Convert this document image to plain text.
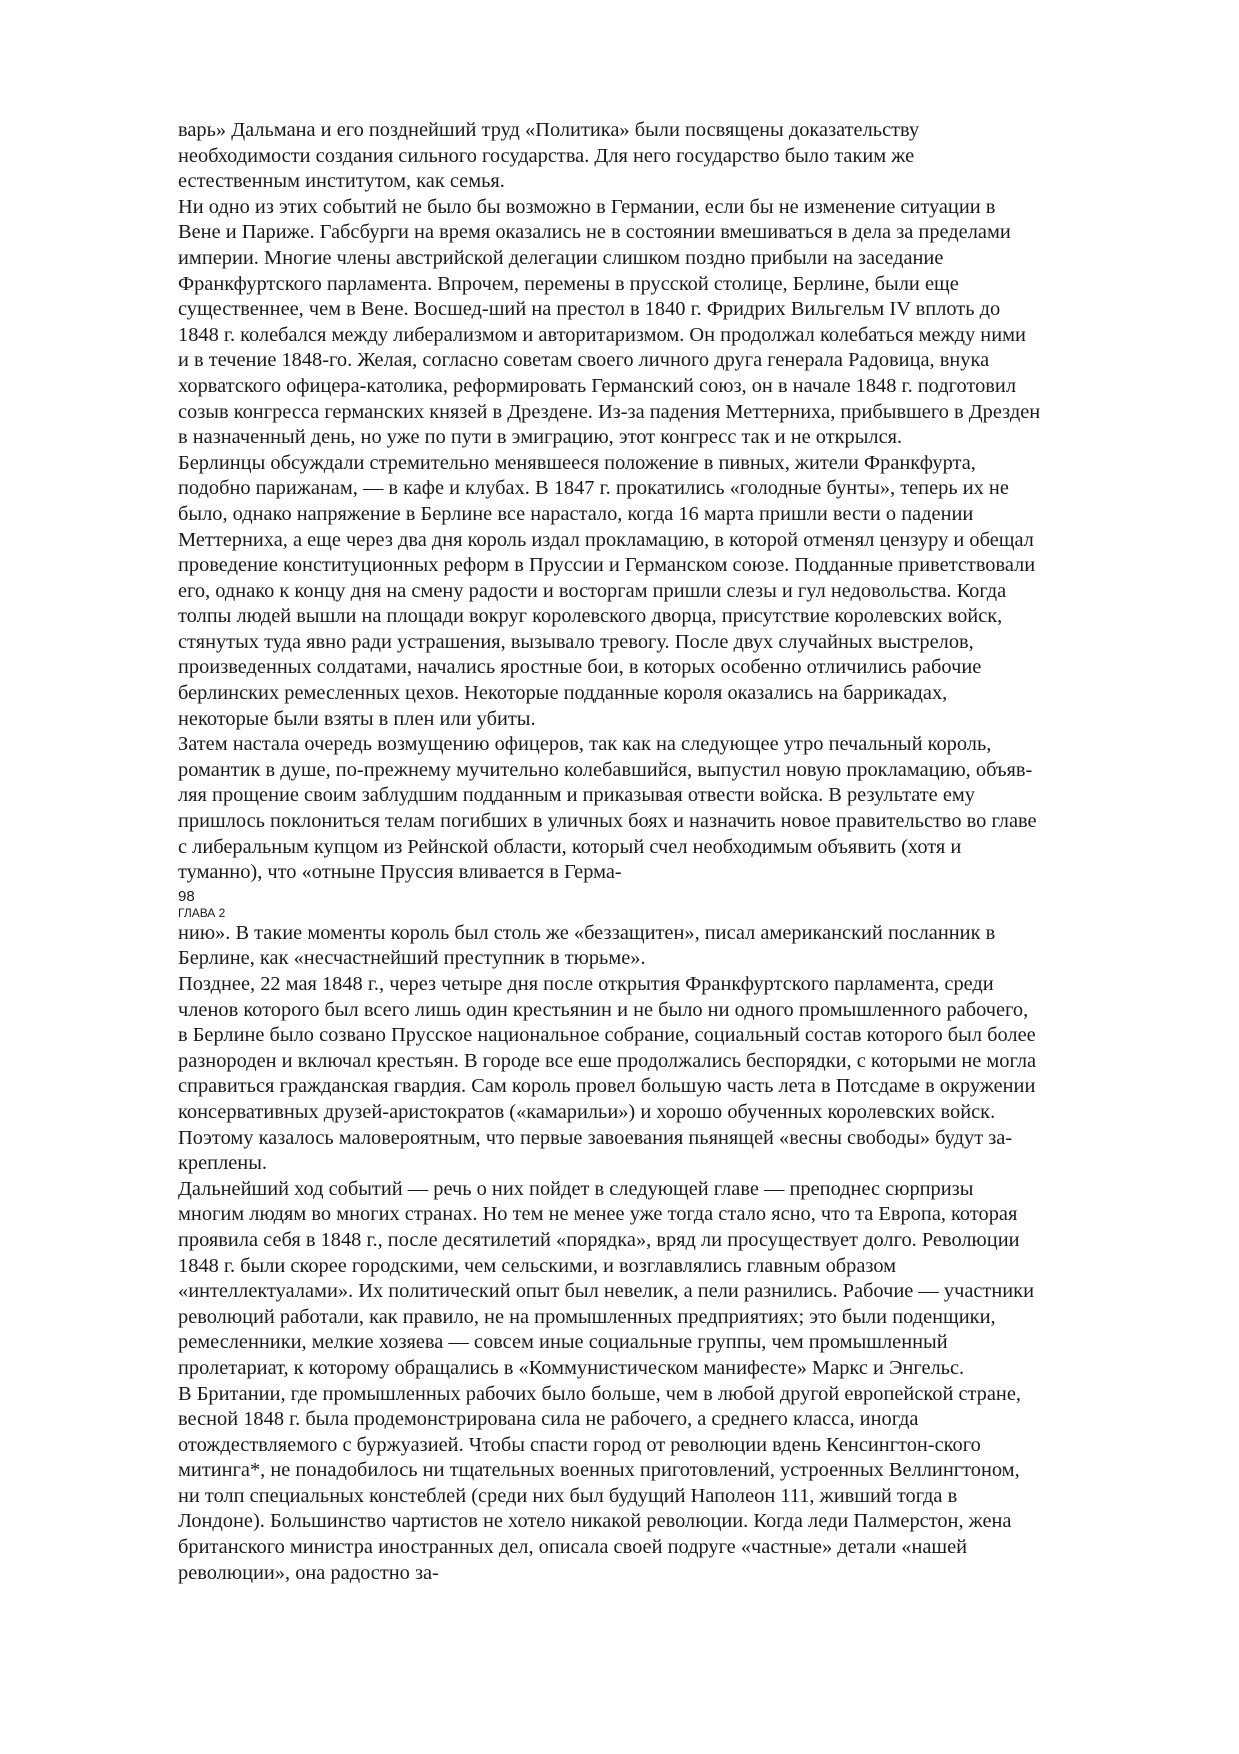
варь» Дальмана и его позднейший труд «Политика» были посвящены доказательству
необходимости создания сильного государства. Для него государство было таким же
естественным институтом, как семья.
Ни одно из этих событий не было бы возможно в Германии, если бы не изменение ситуации в
Вене и Париже. Габсбурги на время оказались не в состоянии вмешиваться в дела за пределами
империи. Многие члены австрийской делегации слишком поздно прибыли на заседание
Франкфуртского парламента. Впрочем, перемены в прусской столице, Берлине, были еще
существеннее, чем в Вене. Восшед-ший на престол в 1840 г. Фридрих Вильгельм IV вплоть до
1848 г. колебался между либерализмом и авторитаризмом. Он продолжал колебаться между ними
и в течение 1848-го. Желая, согласно советам своего личного друга генерала Радовица, внука
хорватского офицера-католика, реформировать Германский союз, он в начале 1848 г. подготовил
созыв конгресса германских князей в Дрездене. Из-за падения Меттерниха, прибывшего в Дрезден
в назначенный день, но уже по пути в эмиграцию, этот конгресс так и не открылся.
Берлинцы обсуждали стремительно менявшееся положение в пивных, жители Франкфурта,
подобно парижанам, — в кафе и клубах. В 1847 г. прокатились «голодные бунты», теперь их не
было, однако напряжение в Берлине все нарастало, когда 16 марта пришли вести о падении
Меттерниха, а еще через два дня король издал прокламацию, в которой отменял цензуру и обещал
проведение конституционных реформ в Пруссии и Германском союзе. Подданные приветствовали
его, однако к концу дня на смену радости и восторгам пришли слезы и гул недовольства. Когда
толпы людей вышли на площади вокруг королевского дворца, присутствие королевских войск,
стянутых туда явно ради устрашения, вызывало тревогу. После двух случайных выстрелов,
произведенных солдатами, начались яростные бои, в которых особенно отличились рабочие
берлинских ремесленных цехов. Некоторые подданные короля оказались на баррикадах,
некоторые были взяты в плен или убиты.
Затем настала очередь возмущению офицеров, так как на следующее утро печальный король,
романтик в душе, по-прежнему мучительно колебавшийся, выпустил новую прокламацию, объяв-
ляя прощение своим заблудшим подданным и приказывая отвести войска. В результате ему
пришлось поклониться телам погибших в уличных боях и назначить новое правительство во главе
с либеральным купцом из Рейнской области, который счел необходимым объявить (хотя и
туманно), что «отныне Пруссия вливается в Герма-
98
ГЛАВА 2
нию». В такие моменты король был столь же «беззащитен», писал американский посланник в
Берлине, как «несчастнейший преступник в тюрьме».
Позднее, 22 мая 1848 г., через четыре дня после открытия Франкфуртского парламента, среди
членов которого был всего лишь один крестьянин и не было ни одного промышленного рабочего,
в Берлине было созвано Прусское национальное собрание, социальный состав которого был более
разнороден и включал крестьян. В городе все еше продолжались беспорядки, с которыми не могла
справиться гражданская гвардия. Сам король провел большую часть лета в Потсдаме в окружении
консервативных друзей-аристократов («камарильи») и хорошо обученных королевских войск.
Поэтому казалось маловероятным, что первые завоевания пьянящей «весны свободы» будут за-
креплены.
Дальнейший ход событий — речь о них пойдет в следующей главе — преподнес сюрпризы
многим людям во многих странах. Но тем не менее уже тогда стало ясно, что та Европа, которая
проявила себя в 1848 г., после десятилетий «порядка», вряд ли просуществует долго. Революции
1848 г. были скорее городскими, чем сельскими, и возглавлялись главным образом
«интеллектуалами». Их политический опыт был невелик, а пели разнились. Рабочие — участники
революций работали, как правило, не на промышленных предприятиях; это были поденщики,
ремесленники, мелкие хозяева — совсем иные социальные группы, чем промышленный
пролетариат, к которому обращались в «Коммунистическом манифесте» Маркс и Энгельс.
В Британии, где промышленных рабочих было больше, чем в любой другой европейской стране,
весной 1848 г. была продемонстрирована сила не рабочего, а среднего класса, иногда
отождествляемого с буржуазией. Чтобы спасти город от революции вдень Кенсингтон-ского
митинга*, не понадобилось ни тщательных военных приготовлений, устроенных Веллингтоном,
ни толп специальных констеблей (среди них был будущий Наполеон 111, живший тогда в
Лондоне). Большинство чартистов не хотело никакой революции. Когда леди Палмерстон, жена
британского министра иностранных дел, описала своей подруге «частные» детали «нашей
революции», она радостно за-
